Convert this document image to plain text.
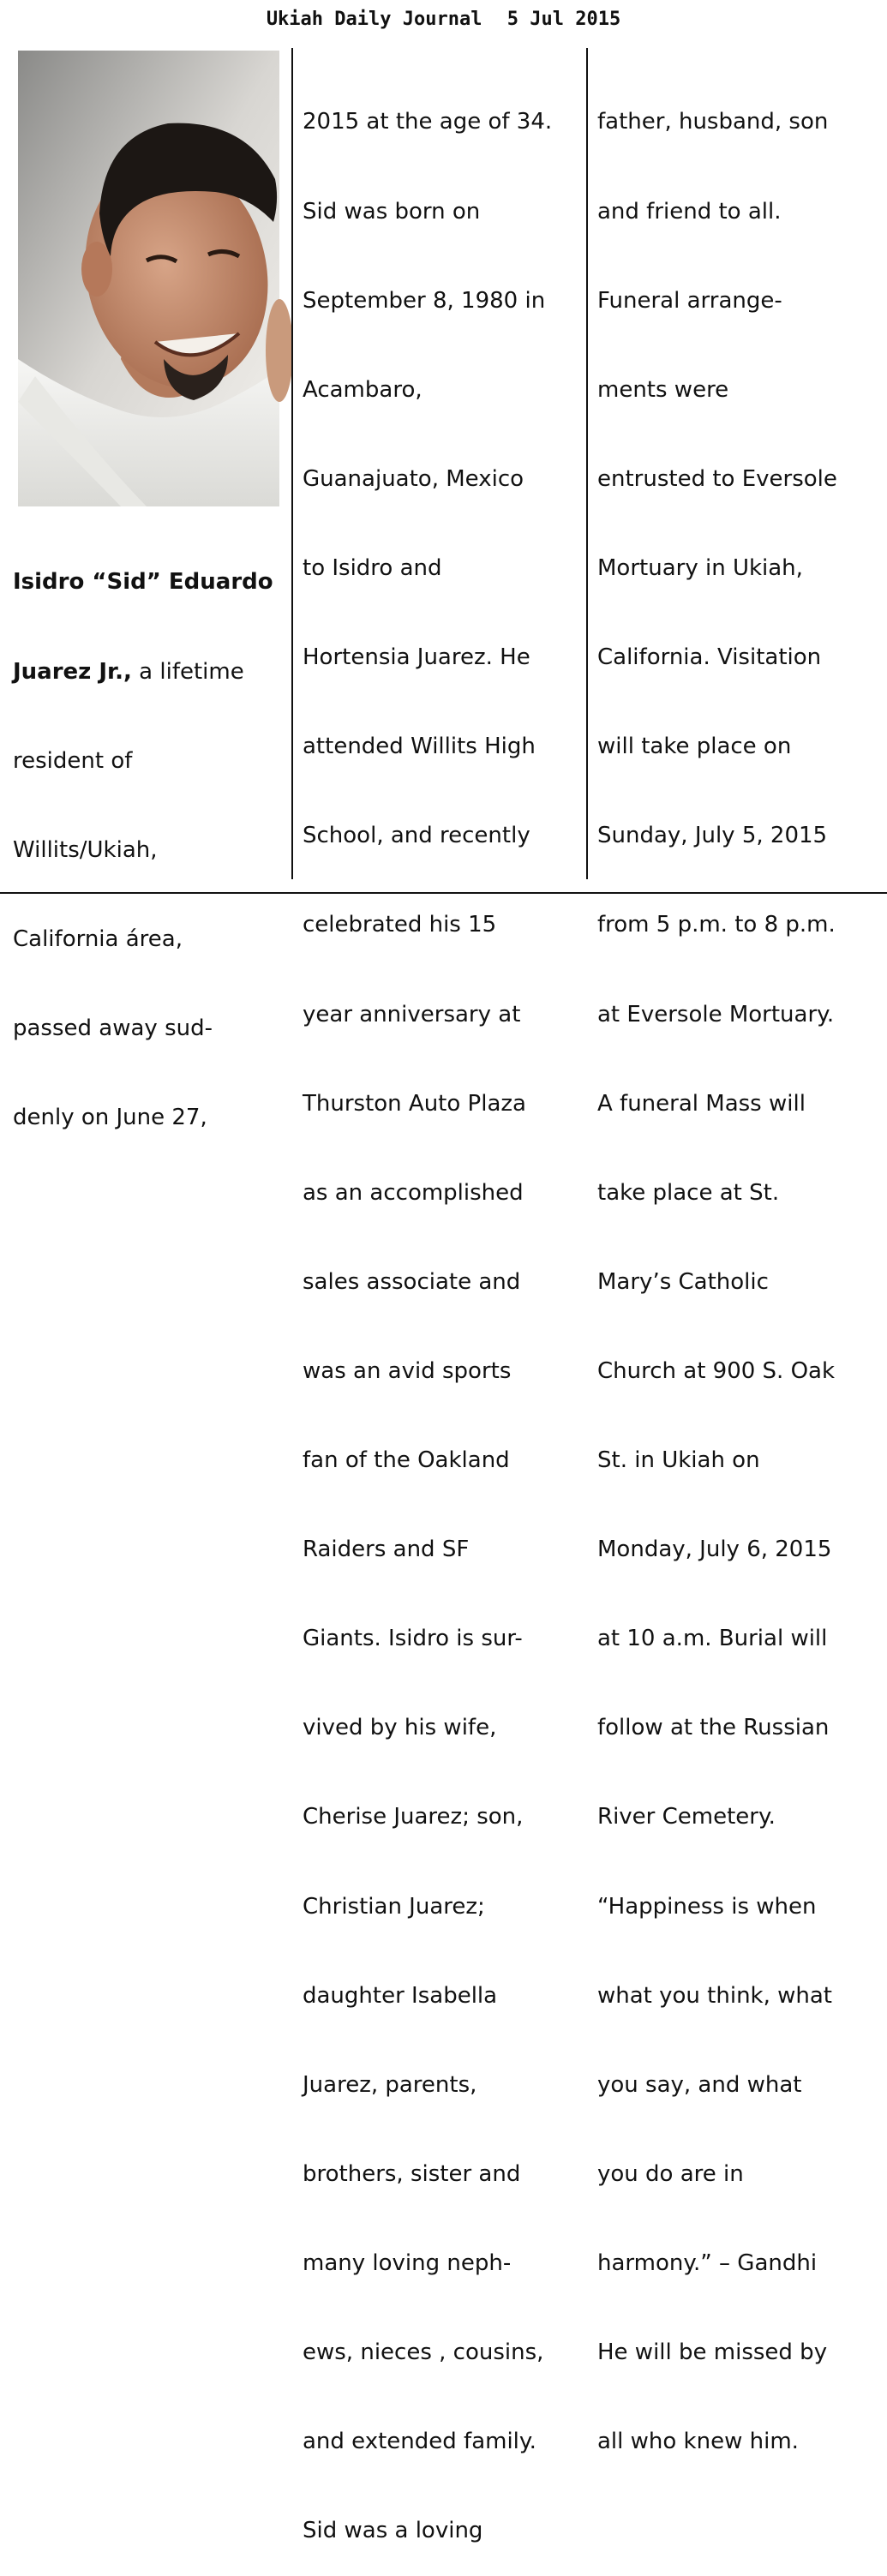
Ukiah Daily Journal 5 Jul 2015

Isidro “Sid” Eduardo

Juarez Jr., a lifetime

resident of

Willits/Ukiah,

California área,

passed away sud-

denly on June 27,

2015 at the age of 34.

Sid was born on

September 8, 1980 in

Acambaro,

Guanajuato, Mexico

to Isidro and

Hortensia Juarez. He

attended Willits High

School, and recently

celebrated his 15

year anniversary at

Thurston Auto Plaza

as an accomplished

sales associate and

was an avid sports

fan of the Oakland

Raiders and SF

Giants. Isidro is sur-

vived by his wife,

Cherise Juarez; son,

Christian Juarez;

daughter Isabella

Juarez, parents,

brothers, sister and

many loving neph-

ews, nieces , cousins,

and extended family.

Sid was a loving

father, husband, son

and friend to all.

Funeral arrange-

ments were

entrusted to Eversole

Mortuary in Ukiah,

California. Visitation

will take place on

Sunday, July 5, 2015

from 5 p.m. to 8 p.m.

at Eversole Mortuary.

A funeral Mass will

take place at St.

Mary’s Catholic

Church at 900 S. Oak

St. in Ukiah on

Monday, July 6, 2015

at 10 a.m. Burial will

follow at the Russian

River Cemetery.

“Happiness is when

what you think, what

you say, and what

you do are in

harmony.” – Gandhi

He will be missed by

all who knew him.
